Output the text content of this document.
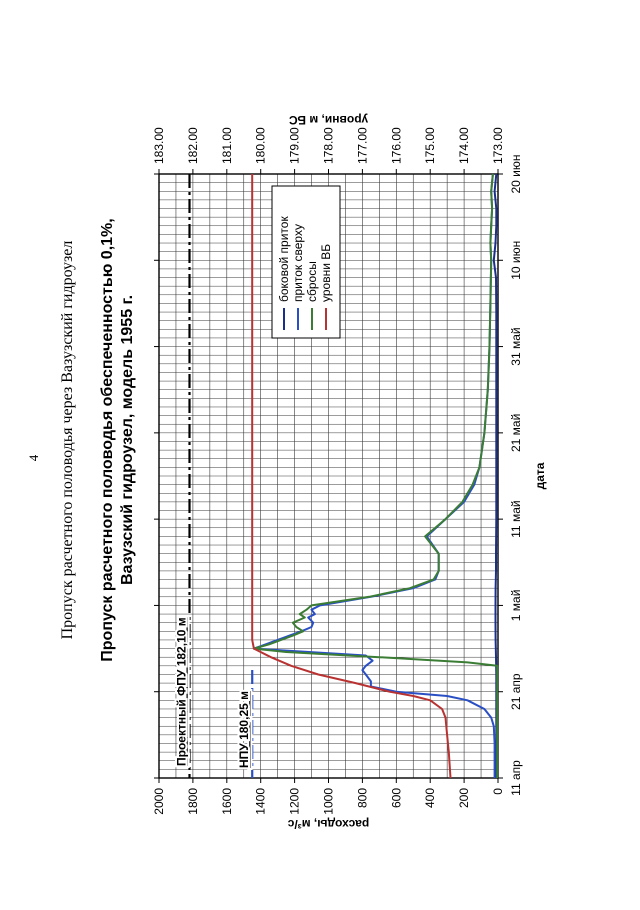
4 Пропуск расчетного половодья через Вазузский гидроузел Пропуск расчетного половодья обеспеченностью 0,1%, Вазузский гидроузел, модель 1955 г.
0
200
400
600
800
1000
1200
1400
1600
1800
2000
173.00
174.00
175.00
176.00
177.00
178.00
179.00
180.00
181.00
182.00
183.00
11 апр
21 апр
1 май
11 май
21 май
31 май
10 июн
20 июн
дата
расходы, м³/с
уровни, м БС
Проектный ФПУ 182,10 м	НПУ 180,25 м
боковой приток приток сверху сбросы уровни ВБ
